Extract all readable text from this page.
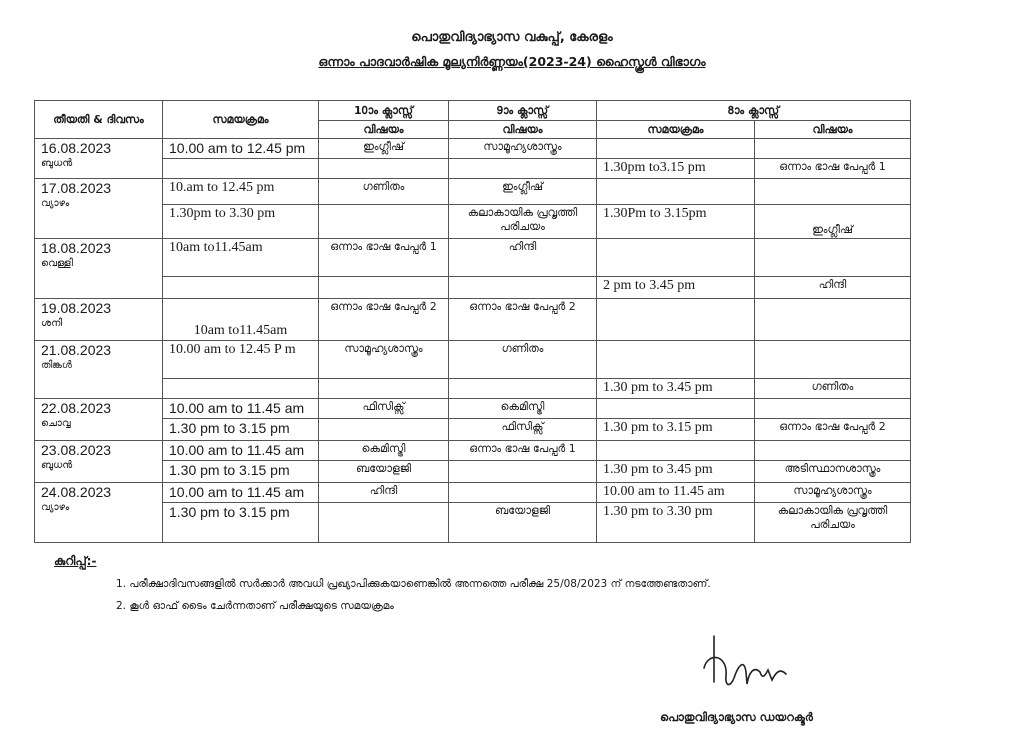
പൊതുവിദ്യാഭ്യാസ വകുപ്പ്, കേരളം
ഒന്നാം പാദവാർഷിക മൂല്യനിർണ്ണയം(2023-24) ഹൈസ്കൂൾ വിഭാഗം
തീയതി & ദിവസം	സമയക്രമം	10ാം ക്ലാസ്സ്	9ാം ക്ലാസ്സ്	8ാം ക്ലാസ്സ്	
		വിഷയം	വിഷയം	സമയക്രമം	വിഷയം

16.08.2023
ബുധൻ	10.00 am to 12.45 pm	ഇംഗ്ലീഷ്	സാമൂഹ്യശാസ്ത്രം		
				1.30pm to3.15 pm	ഒന്നാം ഭാഷ പേപ്പർ 1

17.08.2023
വ്യാഴം	10.am to 12.45 pm	ഗണിതം	ഇംഗ്ലീഷ്		
	1.30pm to 3.30 pm		കലാകായിക പ്രവൃത്തി പരിചയം	1.30Pm to 3.15pm	ഇംഗ്ലീഷ്

18.08.2023
വെള്ളി	10am to11.45am	ഒന്നാം ഭാഷ പേപ്പർ 1	ഹിന്ദി		
				2 pm to 3.45 pm	ഹിന്ദി

19.08.2023
ശനി	10am to11.45am	ഒന്നാം ഭാഷ പേപ്പർ 2	ഒന്നാം ഭാഷ പേപ്പർ 2		

21.08.2023
തിങ്കൾ	10.00 am to 12.45 P m	സാമൂഹ്യശാസ്ത്രം	ഗണിതം		
				1.30 pm to 3.45 pm	ഗണിതം

22.08.2023
ചൊവ്വ	10.00 am to 11.45 am	ഫിസിക്സ്	കെമിസ്ട്രി		
	1.30 pm to 3.15 pm		ഫിസിക്സ്	1.30 pm to 3.15 pm	ഒന്നാം ഭാഷ പേപ്പർ 2

23.08.2023
ബുധൻ	10.00 am to 11.45 am	കെമിസ്ട്രി	ഒന്നാം ഭാഷ പേപ്പർ 1		
	1.30 pm to 3.15 pm	ബയോളജി		1.30 pm to 3.45 pm	അടിസ്ഥാനശാസ്ത്രം

24.08.2023
വ്യാഴം	10.00 am to 11.45 am	ഹിന്ദി		10.00 am to 11.45 am	സാമൂഹ്യശാസ്ത്രം
	1.30 pm to 3.15 pm		ബയോളജി	1.30 pm to 3.30 pm	കലാകായിക പ്രവൃത്തി പരിചയം
കുറിപ്പ്:-
1. പരീക്ഷാദിവസങ്ങളിൽ സർക്കാർ അവധി പ്രഖ്യാപിക്കുകയാണെങ്കിൽ അന്നത്തെ പരീക്ഷ 25/08/2023 ന് നടത്തേണ്ടതാണ്.
2. കൂൾ ഓഫ് ടൈം ചേർന്നതാണ് പരീക്ഷയുടെ സമയക്രമം
പൊതുവിദ്യാഭ്യാസ ഡയറക്ടർ
